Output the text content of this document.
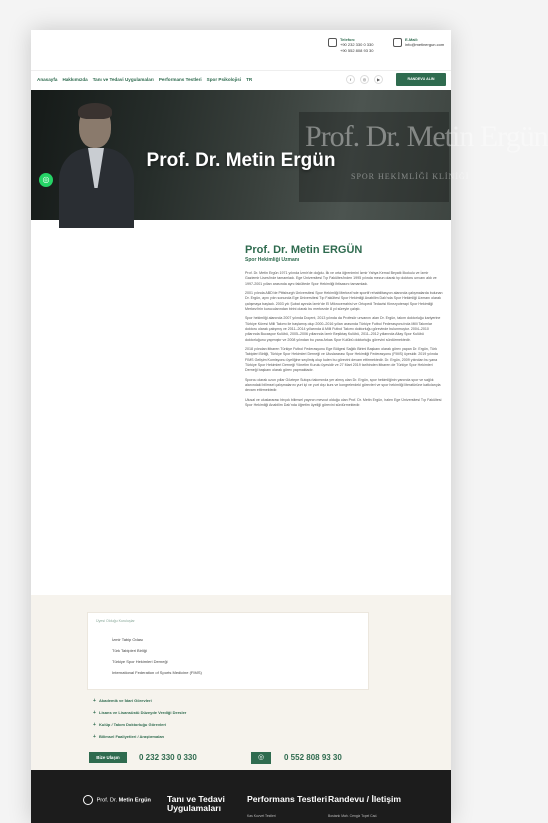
Telefon:
+90 232 330 0 330
+90 552 808 93 30
E-Mail:
info@metinergun.com
Anasayfa Hakkımızda Tanı ve Tedavi Uygulamaları Performans Testleri Spor Psikolojisi TR	f	◎	▶	RANDEVU ALIN
Prof. Dr. Metin Ergün
SPOR HEKİMLİĞİ KLİNİĞİ
Prof. Dr. Metin Ergün
◎
Prof. Dr. Metin ERGÜN
Spor Hekimliği Uzmanı

Prof. Dr. Metin Ergün 1971 yılında İzmir'de doğdu. İlk ve orta öğrenimini İzmir Yahya Kemal Beyatlı İlkokulu ve İzmir Gaziemir Lisesi'nde tamamladı. Ege Üniversitesi Tıp Fakültesi'nden 1995 yılında mezun olarak tıp doktoru unvanı aldı ve 1997-2001 yılları arasında aynı fakültede Spor Hekimliği ihtisasını tamamladı.

2001 yılında ABD'de Pittsburgh Üniversitesi Spor Hekimliği Merkezi'nde sportif rehabilitasyon alanında çalışmalarda bulunan Dr. Ergün, aynı yılın sonunda Ege Üniversitesi Tıp Fakültesi Spor Hekimliği Anabilim Dalı'nda Spor Hekimliği Uzmanı olarak çalışmaya başladı. 2003 yılı Şubat ayında İzmir'de El Mikrocerrahisi ve Ortopedi Tedavisi Kinezyoterapi Spor Hekimliği Merkezi'nin kurucularından birini olarak bu merkezde 8 yıl süreyle çalıştı.

Spor hekimliği alanında 2007 yılında Doçent, 2013 yılında da Profesör unvanını alan Dr. Ergün, takım doktorluğu kariyerine Türkiye Küresi Milli Takımı ile başlamış olup 2000–2016 yılları arasında Türkiye Futbol Federasyonu'nda Milli Takımlar doktoru olarak çalışmış ve 2011–2014 yıllarında A Milli Futbol Takımı doktorluğu görevinde bulunmuştur. 2004–2010 yıllarında Bucaspor Kulübü, 2005–2006 yıllarında İzmir Beşiktaş Kulübü, 2011–2012 yıllarında Altay Spor Kulübü doktorluğunu yapmıştır ve 2008 yılından bu yana Arkas Spor Kulübü doktorluğu görevini sürdürmektedir.

2018 yılından itibaren Türkiye Futbol Federasyonu Ege Bölgesi Sağlık Birimi Başkanı olarak görev yapan Dr. Ergün, Türk Tabipleri Birliği, Türkiye Spor Hekimleri Derneği ve Uluslararası Spor Hekimliği Federasyonu (FIMS) üyesidir. 2019 yılında FIMS Gelişim Komisyonu üyeliğine seçilmiş olup kulen bu görevini devam ettirmektedir. Dr. Ergün, 2009 yılından bu yana Türkiye Spor Hekimleri Derneği Yönetim Kurulu üyesidir ve 27 Mart 2019 tarihinden itibaren de Türkiye Spor Hekimleri Derneği başkanı olarak görev yapmaktadır.

Sporcu olarak uzun yıllar Göztepe Sutopu takımında yer almış olan Dr. Ergün, spor hekimliğinin yanında spor ve sağlık alanındaki bilimsel çalışmalarını yurt içi ve yurt dışı kurs ve kongrelerdeki görevleri ve spor hekimliği literatürüne katkılarıyla devam ettirmektedir.

Ulusal ve uluslararası birçok bilimsel yayının mevcut olduğu olan Prof. Dr. Metin Ergün, halen Ege Üniversitesi Tıp Fakültesi Spor Hekimliği Anabilim Dalı'nda öğretim üyeliği görevini sürdürmektedir.

Üyesi Olduğu Kuruluşlar
İzmir Tabip Odası
Türk Tabipleri Birliği
Türkiye Spor Hekimleri Derneği
International Federation of Sports Medicine (FIMS)
+ Akademik ve İdari Görevleri
+ Lisans ve Lisansüstü Düzeyde Verdiği Dersler
+ Kulüp / Takım Doktorluğu Görevleri
+ Bilimsel Faaliyetleri / Araştırmaları
Bize Ulaşın	0 232 330 0 330	◎	0 552 808 93 30
Prof. Dr. Metin Ergün Tanı ve Tedavi Uygulamaları
Performans Testleri
Kas Kuvvet Testleri
Randevu / İletişim
Bostanlı Mah. Cengiz Topel Cad.
